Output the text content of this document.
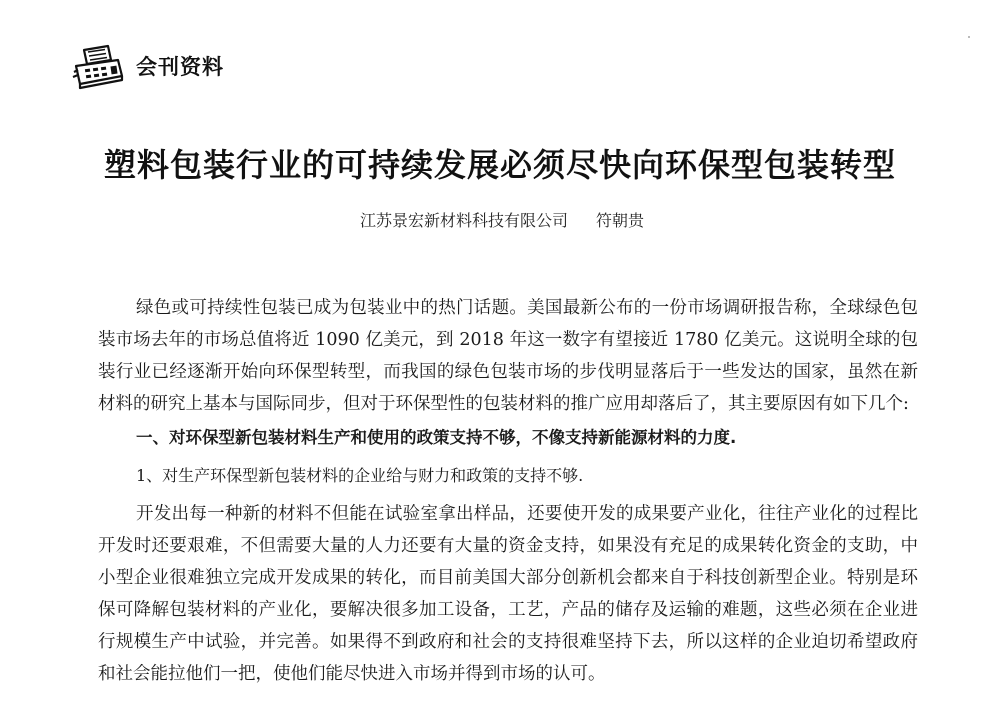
会刊资料
塑料包装行业的可持续发展必须尽快向环保型包装转型
江苏景宏新材料科技有限公司 符朝贵

绿色或可持续性包装已成为包装业中的热门话题。美国最新公布的一份市场调研报告称，全球绿色包装市场去年的市场总值将近 1090 亿美元，到 2018 年这一数字有望接近 1780 亿美元。这说明全球的包装行业已经逐渐开始向环保型转型，而我国的绿色包装市场的步伐明显落后于一些发达的国家，虽然在新材料的研究上基本与国际同步，但对于环保型性的包装材料的推广应用却落后了，其主要原因有如下几个:

一、对环保型新包装材料生产和使用的政策支持不够，不像支持新能源材料的力度.

1、对生产环保型新包装材料的企业给与财力和政策的支持不够.

开发出每一种新的材料不但能在试验室拿出样品，还要使开发的成果要产业化，往往产业化的过程比开发时还要艰难，不但需要大量的人力还要有大量的资金支持，如果没有充足的成果转化资金的支助，中小型企业很难独立完成开发成果的转化，而目前美国大部分创新机会都来自于科技创新型企业。特别是环保可降解包装材料的产业化，要解决很多加工设备，工艺，产品的储存及运输的难题，这些必须在企业进行规模生产中试验，并完善。如果得不到政府和社会的支持很难坚持下去，所以这样的企业迫切希望政府和社会能拉他们一把，使他们能尽快进入市场并得到市场的认可。
